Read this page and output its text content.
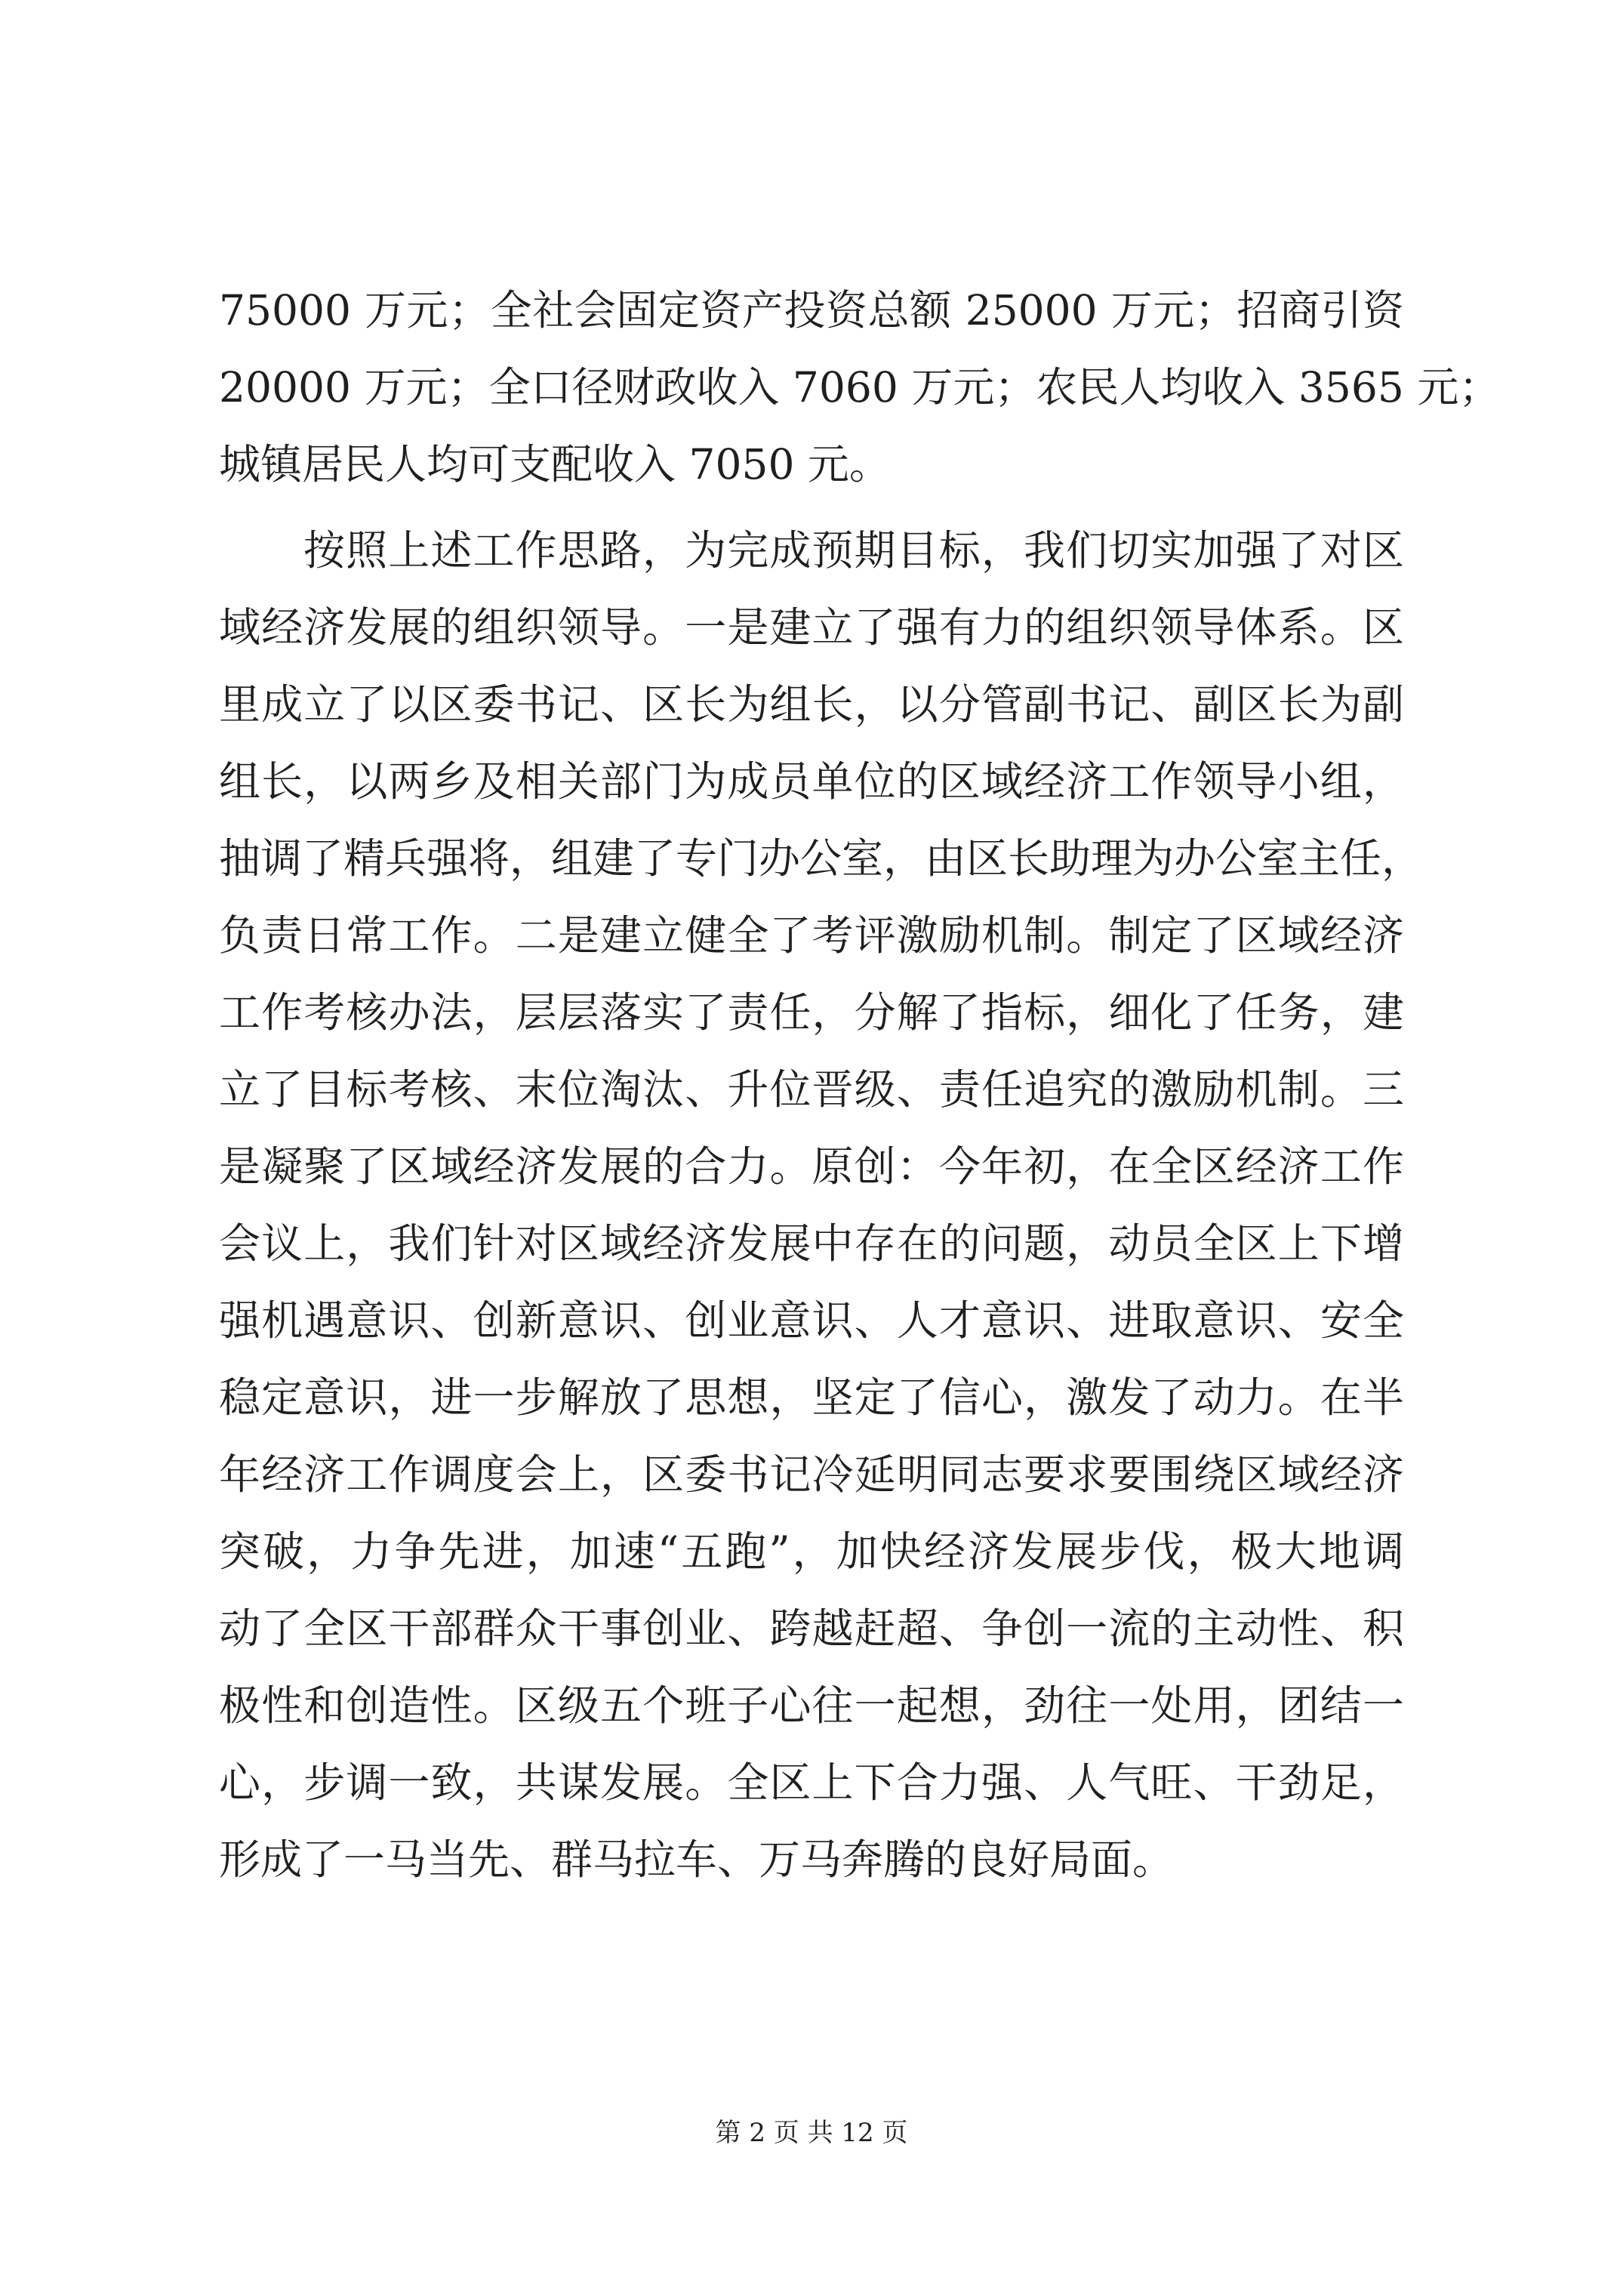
75000 万元；全社会固定资产投资总额 25000 万元；招商引资
20000 万元；全口径财政收入 7060 万元；农民人均收入 3565 元；
城镇居民人均可支配收入 7050 元。
按照上述工作思路，为完成预期目标，我们切实加强了对区
域经济发展的组织领导。一是建立了强有力的组织领导体系。区
里成立了以区委书记、区长为组长，以分管副书记、副区长为副
组长，以两乡及相关部门为成员单位的区域经济工作领导小组，
抽调了精兵强将，组建了专门办公室，由区长助理为办公室主任，
负责日常工作。二是建立健全了考评激励机制。制定了区域经济
工作考核办法，层层落实了责任，分解了指标，细化了任务，建
立了目标考核、末位淘汰、升位晋级、责任追究的激励机制。三
是凝聚了区域经济发展的合力。原创：今年初，在全区经济工作
会议上，我们针对区域经济发展中存在的问题，动员全区上下增
强机遇意识、创新意识、创业意识、人才意识、进取意识、安全
稳定意识，进一步解放了思想，坚定了信心，激发了动力。在半
年经济工作调度会上，区委书记冷延明同志要求要围绕区域经济
突破，力争先进，加速“五跑”，加快经济发展步伐，极大地调
动了全区干部群众干事创业、跨越赶超、争创一流的主动性、积
极性和创造性。区级五个班子心往一起想，劲往一处用，团结一
心，步调一致，共谋发展。全区上下合力强、人气旺、干劲足，
形成了一马当先、群马拉车、万马奔腾的良好局面。
第 2 页 共 12 页
